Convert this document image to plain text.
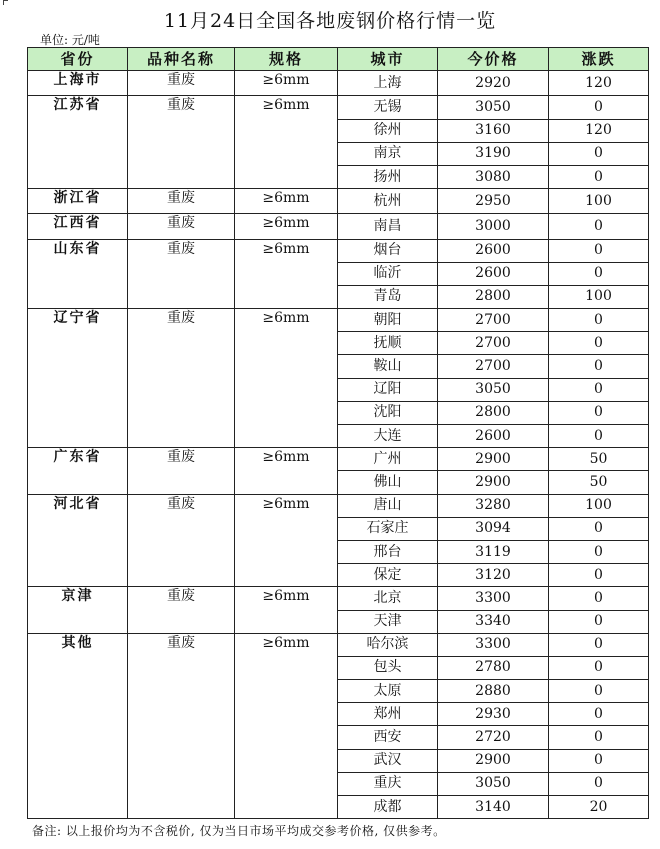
11月24日全国各地废钢价格行情一览
单位: 元/吨
省份	品种名称	规格	城市	今价格	涨跌
上海市	重废	≥6mm	上海	2920	120
江苏省	重废	≥6mm	无锡	3050	0
			徐州	3160	120
			南京	3190	0
			扬州	3080	0
浙江省	重废	≥6mm	杭州	2950	100
江西省	重废	≥6mm	南昌	3000	0
山东省	重废	≥6mm	烟台	2600	0
			临沂	2600	0
			青岛	2800	100
辽宁省	重废	≥6mm	朝阳	2700	0
			抚顺	2700	0
			鞍山	2700	0
			辽阳	3050	0
			沈阳	2800	0
			大连	2600	0
广东省	重废	≥6mm	广州	2900	50
			佛山	2900	50
河北省	重废	≥6mm	唐山	3280	100
			石家庄	3094	0
			邢台	3119	0
			保定	3120	0
京津	重废	≥6mm	北京	3300	0
			天津	3340	0
其他	重废	≥6mm	哈尔滨	3300	0
			包头	2780	0
			太原	2880	0
			郑州	2930	0
			西安	2720	0
			武汉	2900	0
			重庆	3050	0
			成都	3140	20
备注: 以上报价均为不含税价, 仅为当日市场平均成交参考价格, 仅供参考。
